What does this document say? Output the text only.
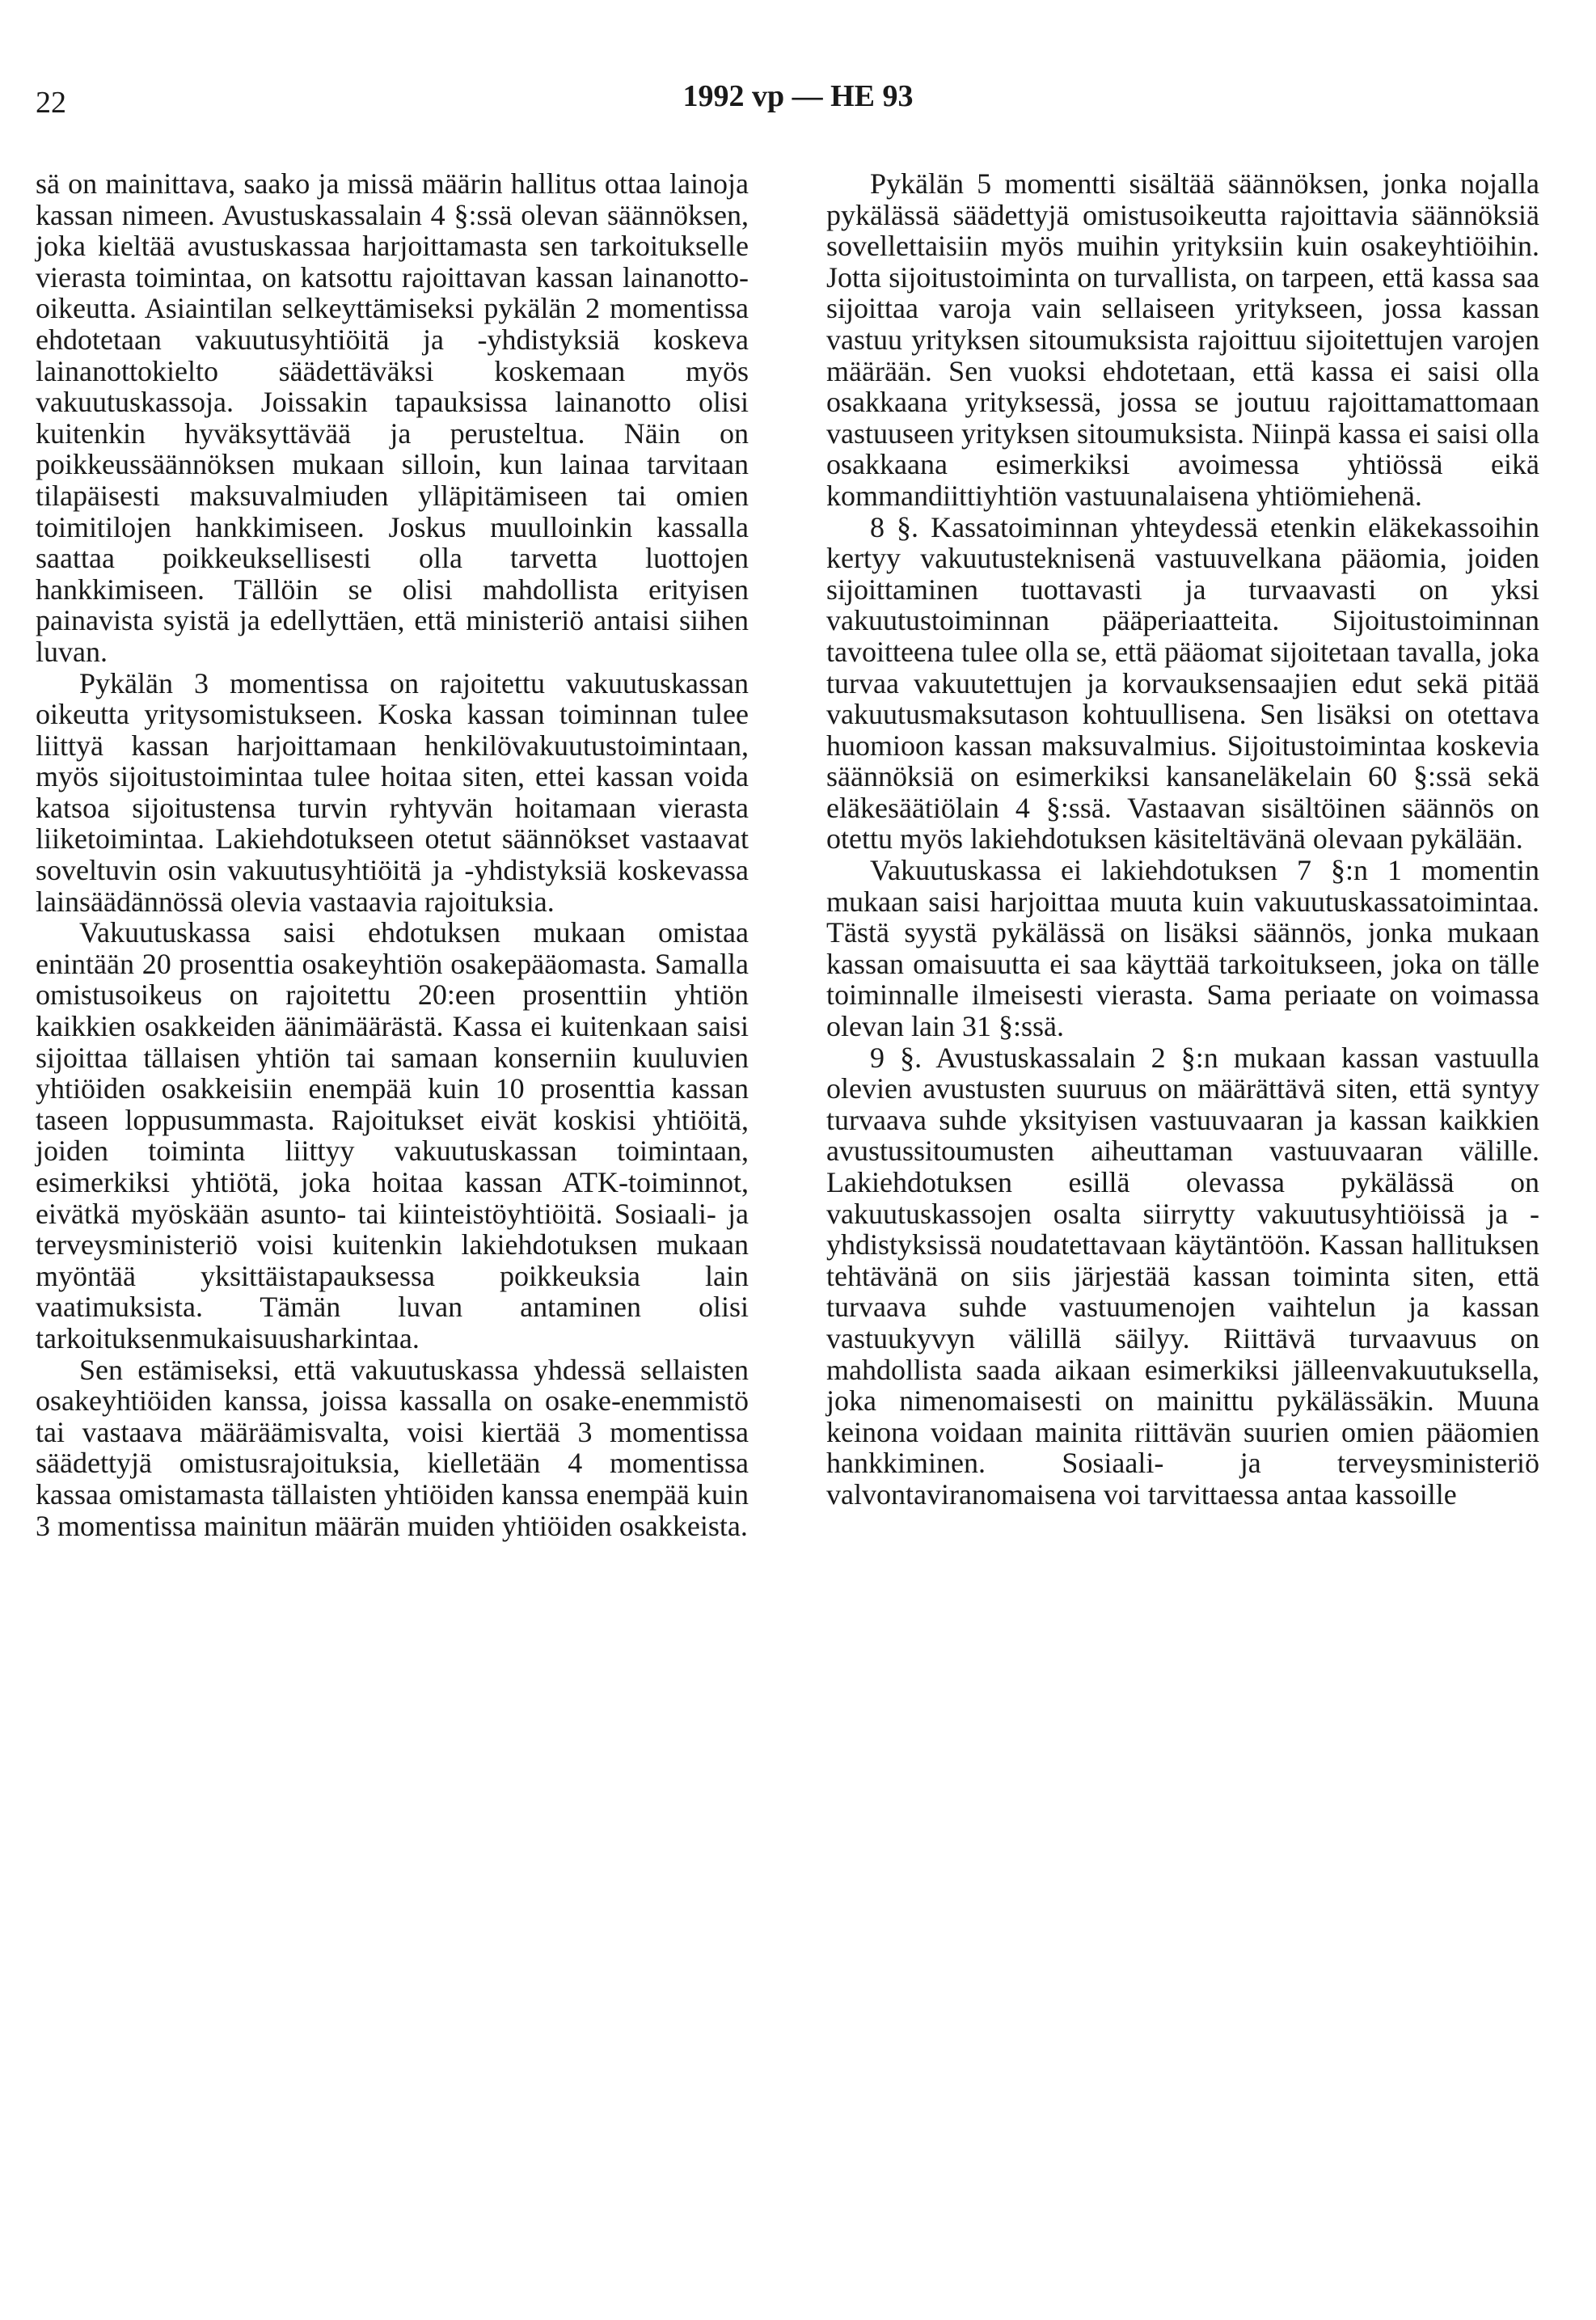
22	1992 vp — HE 93

sä on mainittava, saako ja missä määrin hallitus ottaa lainoja kassan nimeen. Avustuskassalain 4 §:ssä olevan säännöksen, joka kieltää avustuskassaa harjoittamasta sen tarkoitukselle vierasta toimintaa, on katsottu rajoittavan kassan lainanotto-oikeutta. Asiaintilan selkeyttämiseksi pykälän 2 momentissa ehdotetaan vakuutusyhtiöitä ja -yhdistyksiä koskeva lainanottokielto säädettäväksi koskemaan myös vakuutuskassoja. Joissakin tapauksissa lainanotto olisi kuitenkin hyväksyttävää ja perusteltua. Näin on poikkeussäännöksen mukaan silloin, kun lainaa tarvitaan tilapäisesti maksuvalmiuden ylläpitämiseen tai omien toimitilojen hankkimiseen. Joskus muulloinkin kassalla saattaa poikkeuksellisesti olla tarvetta luottojen hankkimiseen. Tällöin se olisi mahdollista erityisen painavista syistä ja edellyttäen, että ministeriö antaisi siihen luvan.

Pykälän 3 momentissa on rajoitettu vakuutuskassan oikeutta yritysomistukseen. Koska kassan toiminnan tulee liittyä kassan harjoittamaan henkilövakuutustoimintaan, myös sijoitustoimintaa tulee hoitaa siten, ettei kassan voida katsoa sijoitustensa turvin ryhtyvän hoitamaan vierasta liiketoimintaa. Lakiehdotukseen otetut säännökset vastaavat soveltuvin osin vakuutusyhtiöitä ja -yhdistyksiä koskevassa lainsäädännössä olevia vastaavia rajoituksia.

Vakuutuskassa saisi ehdotuksen mukaan omistaa enintään 20 prosenttia osakeyhtiön osakepääomasta. Samalla omistusoikeus on rajoitettu 20:een prosenttiin yhtiön kaikkien osakkeiden äänimäärästä. Kassa ei kuitenkaan saisi sijoittaa tällaisen yhtiön tai samaan konserniin kuuluvien yhtiöiden osakkeisiin enempää kuin 10 prosenttia kassan taseen loppusummasta. Rajoitukset eivät koskisi yhtiöitä, joiden toiminta liittyy vakuutuskassan toimintaan, esimerkiksi yhtiötä, joka hoitaa kassan ATK-toiminnot, eivätkä myöskään asunto- tai kiinteistöyhtiöitä. Sosiaali- ja terveysministeriö voisi kuitenkin lakiehdotuksen mukaan myöntää yksittäistapauksessa poikkeuksia lain vaatimuksista. Tämän luvan antaminen olisi tarkoituksenmukaisuusharkintaa.

Sen estämiseksi, että vakuutuskassa yhdessä sellaisten osakeyhtiöiden kanssa, joissa kassalla on osake-enemmistö tai vastaava määräämisvalta, voisi kiertää 3 momentissa säädettyjä omistusrajoituksia, kielletään 4 momentissa kassaa omistamasta tällaisten yhtiöiden kanssa enempää kuin 3 momentissa mainitun määrän muiden yhtiöiden osakkeista.

Pykälän 5 momentti sisältää säännöksen, jonka nojalla pykälässä säädettyjä omistusoikeutta rajoittavia säännöksiä sovellettaisiin myös muihin yrityksiin kuin osakeyhtiöihin. Jotta sijoitustoiminta on turvallista, on tarpeen, että kassa saa sijoittaa varoja vain sellaiseen yritykseen, jossa kassan vastuu yrityksen sitoumuksista rajoittuu sijoitettujen varojen määrään. Sen vuoksi ehdotetaan, että kassa ei saisi olla osakkaana yrityksessä, jossa se joutuu rajoittamattomaan vastuuseen yrityksen sitoumuksista. Niinpä kassa ei saisi olla osakkaana esimerkiksi avoimessa yhtiössä eikä kommandiittiyhtiön vastuunalaisena yhtiömiehenä.

8 §. Kassatoiminnan yhteydessä etenkin eläkekassoihin kertyy vakuutusteknisenä vastuuvelkana pääomia, joiden sijoittaminen tuottavasti ja turvaavasti on yksi vakuutustoiminnan pääperiaatteita. Sijoitustoiminnan tavoitteena tulee olla se, että pääomat sijoitetaan tavalla, joka turvaa vakuutettujen ja korvauksensaajien edut sekä pitää vakuutusmaksutason kohtuullisena. Sen lisäksi on otettava huomioon kassan maksuvalmius. Sijoitustoimintaa koskevia säännöksiä on esimerkiksi kansaneläkelain 60 §:ssä sekä eläkesäätiölain 4 §:ssä. Vastaavan sisältöinen säännös on otettu myös lakiehdotuksen käsiteltävänä olevaan pykälään.

Vakuutuskassa ei lakiehdotuksen 7 §:n 1 momentin mukaan saisi harjoittaa muuta kuin vakuutuskassatoimintaa. Tästä syystä pykälässä on lisäksi säännös, jonka mukaan kassan omaisuutta ei saa käyttää tarkoitukseen, joka on tälle toiminnalle ilmeisesti vierasta. Sama periaate on voimassa olevan lain 31 §:ssä.

9 §. Avustuskassalain 2 §:n mukaan kassan vastuulla olevien avustusten suuruus on määrättävä siten, että syntyy turvaava suhde yksityisen vastuuvaaran ja kassan kaikkien avustussitoumusten aiheuttaman vastuuvaaran välille. Lakiehdotuksen esillä olevassa pykälässä on vakuutuskassojen osalta siirrytty vakuutusyhtiöissä ja -yhdistyksissä noudatettavaan käytäntöön. Kassan hallituksen tehtävänä on siis järjestää kassan toiminta siten, että turvaava suhde vastuumenojen vaihtelun ja kassan vastuukyvyn välillä säilyy. Riittävä turvaavuus on mahdollista saada aikaan esimerkiksi jälleenvakuutuksella, joka nimenomaisesti on mainittu pykälässäkin. Muuna keinona voidaan mainita riittävän suurien omien pääomien hankkiminen. Sosiaali- ja terveysministeriö valvontaviranomaisena voi tarvittaessa antaa kassoille
